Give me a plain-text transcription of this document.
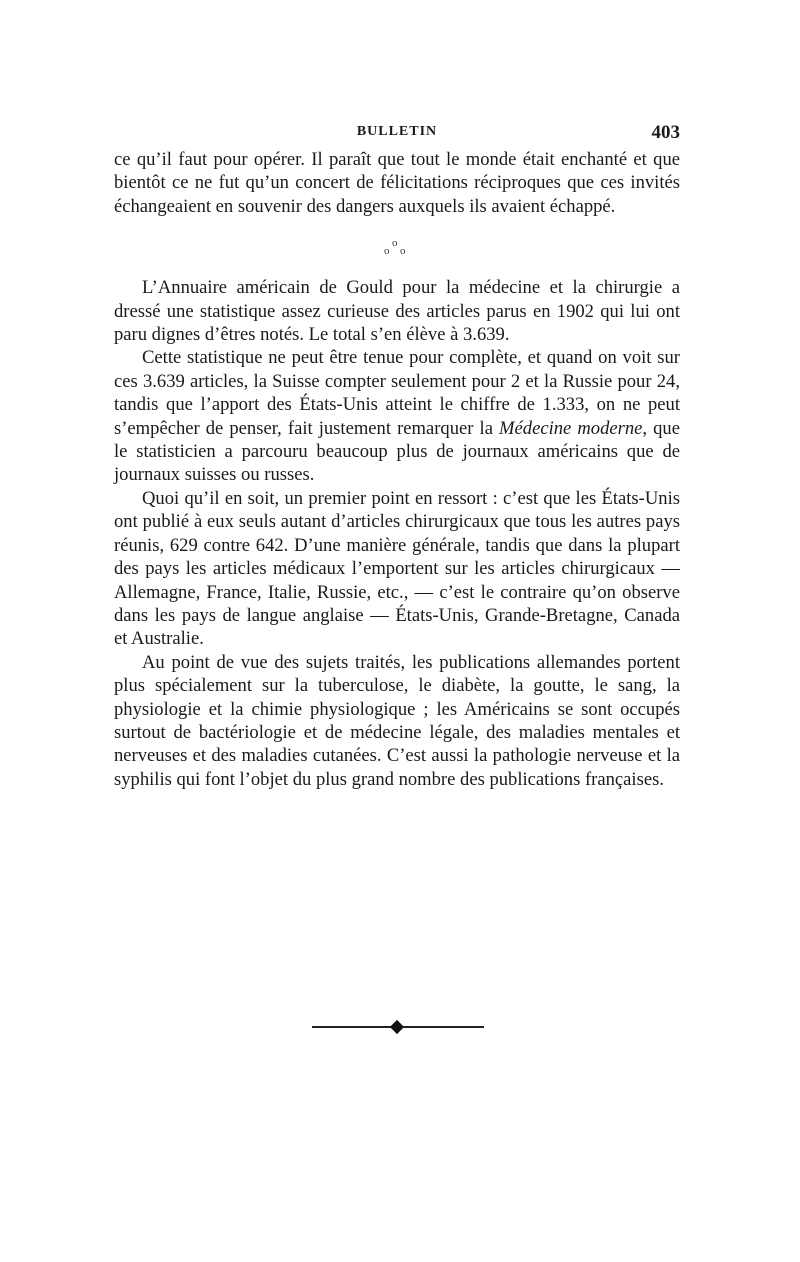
BULLETIN	403

ce qu’il faut pour opérer. Il paraît que tout le monde était enchanté et que bientôt ce ne fut qu’un concert de félicitations réciproques que ces invités échangeaient en souvenir des dangers auxquels ils avaient échappé.

o
o o

L’Annuaire américain de Gould pour la médecine et la chirurgie a dressé une statistique assez curieuse des articles parus en 1902 qui lui ont paru dignes d’êtres notés. Le total s’en élève à 3.639.

Cette statistique ne peut être tenue pour complète, et quand on voit sur ces 3.639 articles, la Suisse compter seulement pour 2 et la Russie pour 24, tandis que l’apport des États-Unis atteint le chiffre de 1.333, on ne peut s’empêcher de penser, fait justement remarquer la Médecine moderne, que le statisticien a parcouru beaucoup plus de journaux américains que de journaux suisses ou russes.

Quoi qu’il en soit, un premier point en ressort : c’est que les États-Unis ont publié à eux seuls autant d’articles chirurgicaux que tous les autres pays réunis, 629 contre 642. D’une manière générale, tandis que dans la plupart des pays les articles médicaux l’emportent sur les articles chirurgicaux — Allemagne, France, Italie, Russie, etc., — c’est le contraire qu’on observe dans les pays de langue anglaise — États-Unis, Grande-Bretagne, Canada et Australie.

Au point de vue des sujets traités, les publications allemandes portent plus spécialement sur la tuberculose, le diabète, la goutte, le sang, la physiologie et la chimie physiologique ; les Américains se sont occupés surtout de bactériologie et de médecine légale, des maladies mentales et nerveuses et des maladies cutanées. C’est aussi la pathologie nerveuse et la syphilis qui font l’objet du plus grand nombre des publications françaises.
